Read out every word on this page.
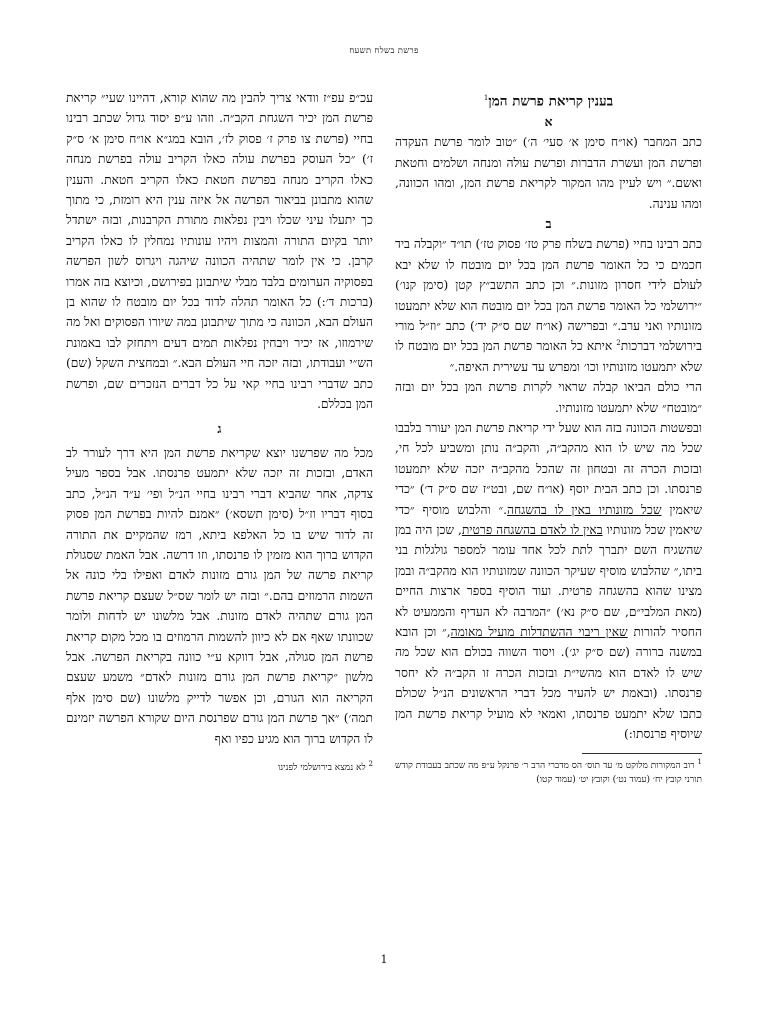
פרשת בשלח תשעח
בענין קריאת פרשת המן$^1$
א

כתב המחבר (או״ח סימן א׳ סעי׳ ה׳) ״טוב לומר פרשת העקדה ופרשת המן ועשרת הדברות ופרשת עולה ומנחה ושלמים וחטאת ואשם.״ ויש לעיין מהו המקור לקריאת פרשת המן, ומהו הכוונה, ומהו ענינה.

ב

כתב רבינו בחיי (פרשת בשלח פרק טז׳ פסוק טז׳) תו״ד ״וקבלה ביד חכמים כי כל האומר פרשת המן בכל יום מובטח לו שלא יבא לעולם לידי חסרון מזונות.״ וכן כתב התשב״ץ קטן (סימן קנו׳) ״ירושלמי כל האומר פרשת המן בכל יום מובטח הוא שלא יתמעטו מזונותיו ואני ערב.״ ובפרישה (או״ח שם ס״ק יד׳) כתב ״וז״ל מורי בירושלמי דברכות$^2$ איתא כל האומר פרשת המן בכל יום מובטח לו שלא יתמעטו מזונותיו וכו׳ ומפרש עד עשירית האיפה.״

הרי כולם הביאו קבלה שראוי לקרות פרשת המן בכל יום ובזה ״מובטח״ שלא יתמעטו מזונותיו.

ובפשטות הכוונה בזה הוא שעל ידי קריאת פרשת המן יעורר בלבבו שכל מה שיש לו הוא מהקב״ה, והקב״ה נותן ומשביע לכל חי, ובזכות הכרה זה ובטחון זה שהכל מהקב״ה יזכה שלא יתמעטו פרנסתו. וכן כתב הבית יוסף (או״ח שם, ובט״ז שם ס״ק ד׳) ״כדי שיאמין שכל מזונותיו באין לו בהשגחה.״ והלבוש מוסיף ״כדי שיאמין שכל מזונותיו באין לו לאדם בהשגחה פרטית, שכן היה במן שהשגיח השם יתברך לתת לכל אחד עומר למספר גולגלות בני ביתו,״ שהלבוש מוסיף שעיקר הכוונה שמזונותיו הוא מהקב״ה ובמן מצינו שהוא בהשגחה פרטית. ועוד הוסיף בספר ארצות החיים (מאת המלבי״ם, שם ס״ק נא׳) ״המרבה לא העדיף והממעיט לא החסיר להורות שאין ריבוי ההשתדלות מועיל מאומה,״ וכן הובא במשנה ברורה (שם ס״ק יג׳). ויסוד השווה בכולם הוא שכל מה שיש לו לאדם הוא מהשי״ת ובזכות הכרה זו הקב״ה לא יחסר פרנסתו. (ובאמת יש להעיר מכל דברי הראשונים הנ״ל שכולם כתבו שלא יתמעט פרנסתו, ואמאי לא מועיל קריאת פרשת המן שיוסיף פרנסתו:)

$^1$ רוב המקורות מלוקט מ׳ עד תוס׳ הס מדברי הרב ר׳ פרנקל ע״פ מה שכתב בעבודת קודש תורני קובץ יח׳ (עמוד נט׳) וקובץ יט׳ (עמוד קטו)

עכ״פ עפ״ז וודאי צריך להבין מה שהוא קורא, דהיינו שעי״ קריאת פרשת המן יכיר השגחת הקב״ה. וזהו ע״פ יסוד גדול שכתב רבינו בחיי (פרשת צו פרק ז׳ פסוק לז׳, הובא במג״א או״ח סימן א׳ ס״ק ז׳) ״כל העוסק בפרשת עולה כאלו הקריב עולה בפרשת מנחה כאלו הקריב מנחה בפרשת חטאת כאלו הקריב חטאת. והענין שהוא מתבונן בביאור הפרשה אל איזה ענין היא רומזת, כי מתוך כך יתעלו עיני שכלו ויבין נפלאות מתורת הקרבנות, ובזה ישתדל יותר בקיום התורה והמצות ויהיו עונותיו נמחלין לו כאלו הקריב קרבן. כי אין לומר שתהיה הכוונה שיהגה ויגרוס לשון הפרשה בפסוקיה הערומים בלבד מבלי שיתבונן בפירושם, וכיוצא בזה אמרו (ברכות ד׳:) כל האומר תהלה לדוד בכל יום מובטח לו שהוא בן העולם הבא, הכוונה כי מתוך שיתבונן במה שיורו הפסוקים ואל מה שירמוזו, אז יכיר ויבחין נפלאות תמים דעים ויתחזק לבו באמונת הש״י ועבודתו, ובזה יזכה חיי העולם הבא.״ ובמחצית השקל (שם) כתב שדברי רבינו בחיי קאי על כל דברים הנזכרים שם, ופרשת המן בכללם.

ג

מכל מה שפרשנו יוצא שקריאת פרשת המן היא דרך לעורר לב האדם, ובזכות זה יזכה שלא יתמעט פרנסתו. אבל בספר מעיל צדקה, אחר שהביא דברי רבינו בחיי הנ״ל ופי׳ ע״ד הנ״ל, כתב בסוף דבריו וז״ל (סימן תשסא׳) ״אמנם להיות בפרשת המן פסוק זה לדור שיש בו כל האלפא ביתא, רמז שהמקיים את התורה הקדוש ברוך הוא מזמין לו פרנסתו, וזו דרשה. אבל האמת שסגולת קריאת פרשה של המן גורם מזונות לאדם ואפילו בלי כונה אל השמות הרמוזים בהם.״ ובזה יש לומר שס״ל שעצם קריאת פרשת המן גורם שתהיה לאדם מזונות. אבל מלשונו יש לדחות ולומר שכוונתו שאף אם לא כיוון להשמות הרמוזים בו מכל מקום קריאת פרשת המן סגולה, אבל דווקא ע״י כוונה בקריאת הפרשה. אבל מלשון ״קריאת פרשת המן גורם מזונות לאדם״ משמע שעצם הקריאה הוא הגורם, וכן אפשר לדייק מלשונו (שם סימן אלף תמה׳) ״אך פרשת המן גורם שפרנסת היום שקורא הפרשה יזמינם לו הקדוש ברוך הוא מגיע כפיו ואף

$^2$ לא נמצא בירושלמי לפנינו
1
